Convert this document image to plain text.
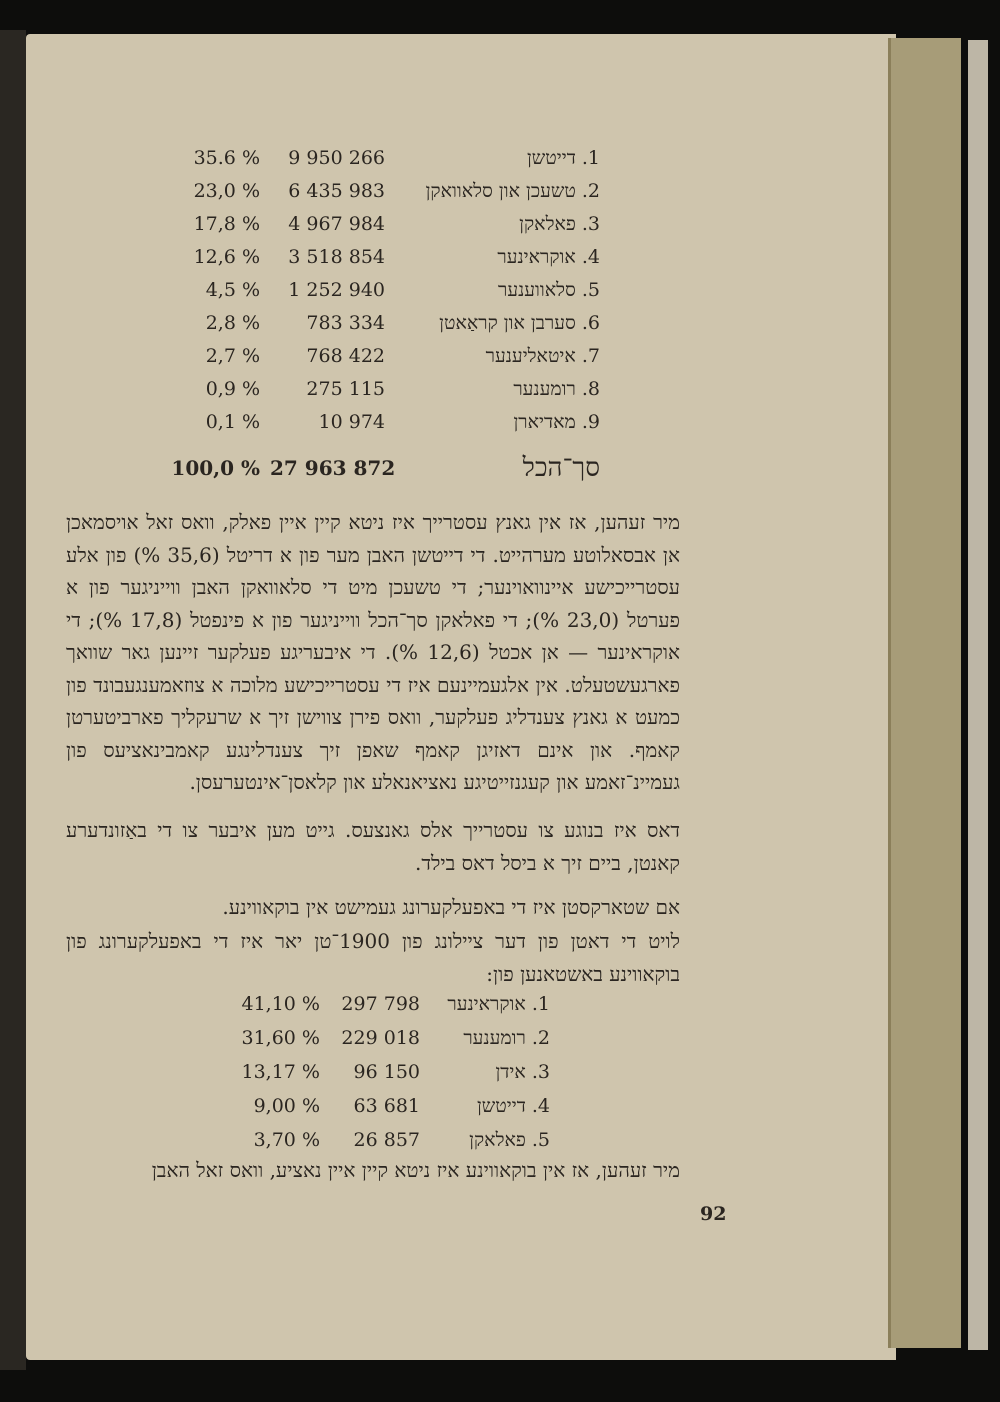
35.6 %	9 950 266	1. דייטשן
23,0 %	6 435 983	2. טשעכן און סלאוואקן
17,8 %	4 967 984	3. פאלאקן
12,6 %	3 518 854	4. אוקראינער
4,5 %	1 252 940	5. סלאווענער
2,8 %	783 334	6. סערבן און קראַאטן
2,7 %	768 422	7. איטאליענער
0,9 %	275 115	8. רומענער
0,1 %	10 974	9. מאדיארן
100,0 % 27 963 872	סך־הכל
מיר זעהען, אז אין גאנץ עסטרייך איז ניטא קיין איין פאלק, וואס זאל אויסמאכן אן אבסאלוטע מערהייט. די דייטשן האבן מער פון א דריטל (35,6 %) פון אלע עסטרייכישע איינוואוינער; די טשעכן מיט די סלאוואקן האבן ווייניגער פון א פערטל (23,0 %); די פאלאקן סך־הכל ווייניגער פון א פינפטל (17,8 %); די אוקראינער — אן אכטל (12,6 %). די איבעריגע פעלקער זיינען גאר שוואך פארגעשטעלט. אין אלגעמיינעם איז די עסטרייכישע מלוכה א צוזאמענגעבונד פון כמעט א גאנץ צענדליג פעלקער, וואס פירן צווישן זיך א שרעקליך פארביטערטן קאמף. און אינם דאזיגן קאמף שאפן זיך צענדלינגע קאמבינאציעס פון געמיינ־זאמע און קעגנזייטיגע נאציאנאלע און קלאסן־אינטערעסן.
דאס איז בנוגע צו עסטרייך אלס גאנצעס. גייט מען איבער צו די באַזונדערע קאנטן, ביים זיך א ביסל דאס בילד.
אם שטארקסטן איז די באפעלקערונג געמישט אין בוקאווינע.
לויט די דאטן פון דער ציילונג פון 1900־טן יאר איז די באפעלקערונג פון בוקאווינע באשטאנען פון:
41,10 %	297 798	1. אוקראינער
31,60 %	229 018	2. רומענער
13,17 %	96 150	3. אידן
9,00 %	63 681	4. דייטשן
3,70 %	26 857	5. פאלאקן
מיר זעהען, אז אין בוקאווינע איז ניטא קיין איין נאציע, וואס זאל האבן
92
